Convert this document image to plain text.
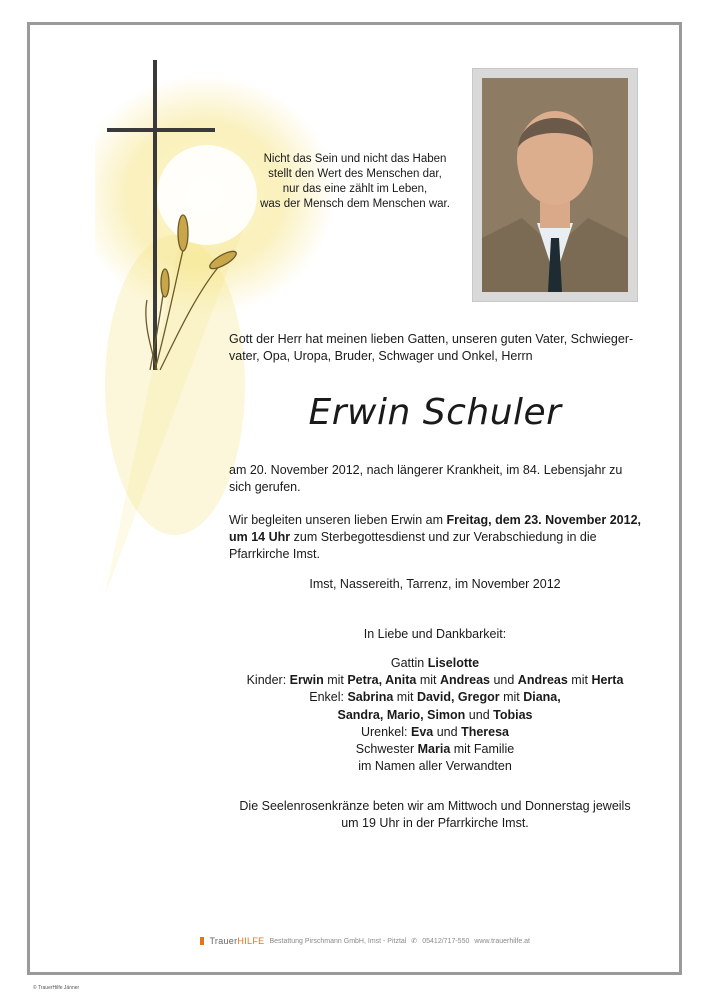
Nicht das Sein und nicht das Haben
stellt den Wert des Menschen dar,
nur das eine zählt im Leben,
was der Mensch dem Menschen war.
Gott der Herr hat meinen lieben Gatten, unseren guten Vater, Schwieger- vater, Opa, Uropa, Bruder, Schwager und Onkel, Herrn
Erwin Schuler
am 20. November 2012, nach längerer Krankheit, im 84. Lebensjahr zu sich gerufen.
Wir begleiten unseren lieben Erwin am Freitag, dem 23. November 2012, um 14 Uhr zum Sterbegottesdienst und zur Verabschiedung in die Pfarrkirche Imst.
Imst, Nassereith, Tarrenz, im November 2012
In Liebe und Dankbarkeit:
Gattin Liselotte
Kinder: Erwin mit Petra, Anita mit Andreas und Andreas mit Herta
Enkel: Sabrina mit David, Gregor mit Diana,
Sandra, Mario, Simon und Tobias
Urenkel: Eva und Theresa
Schwester Maria mit Familie
im Namen aller Verwandten
Die Seelenrosenkränze beten wir am Mittwoch und Donnerstag jeweils
um 19 Uhr in der Pfarrkirche Imst.
TrauerHILFE Bestattung Pirschmann GmbH, Imst - Pitztal ✆ 05412/717-550 www.trauerhilfe.at
© TrauerHilfe Jänner
